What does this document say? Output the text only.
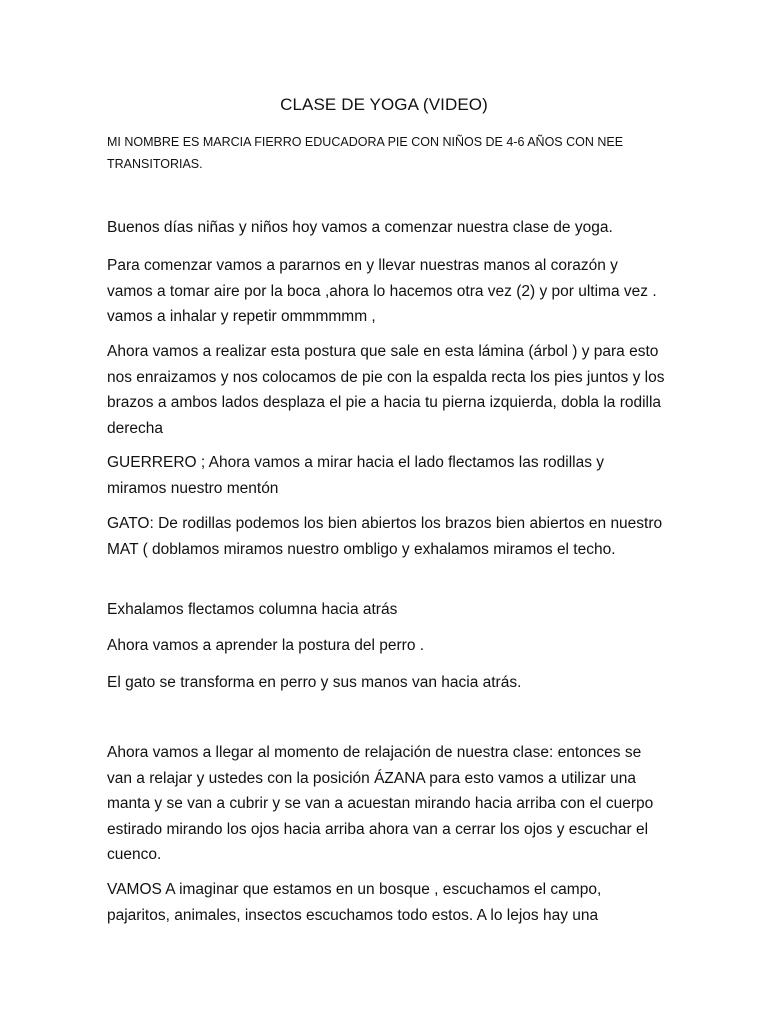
CLASE DE YOGA (VIDEO)
MI NOMBRE ES MARCIA FIERRO EDUCADORA PIE CON NIÑOS DE 4-6 AÑOS CON NEE TRANSITORIAS.

Buenos días niñas y niños hoy vamos a comenzar nuestra clase de yoga.

Para comenzar vamos a pararnos en y llevar nuestras manos al corazón y vamos a tomar aire por la boca ,ahora lo hacemos otra vez (2) y por ultima vez . vamos a inhalar y repetir ommmmmm ,

Ahora vamos a realizar esta postura que sale en esta lámina (árbol ) y para esto nos enraizamos y nos colocamos de pie con la espalda recta los pies juntos y los brazos a ambos lados desplaza el pie a hacia tu pierna izquierda, dobla la rodilla derecha

GUERRERO ; Ahora vamos a mirar hacia el lado flectamos las rodillas y miramos nuestro mentón

GATO: De rodillas podemos los bien abiertos los brazos bien abiertos en nuestro MAT ( doblamos miramos nuestro ombligo y exhalamos miramos el techo.

Exhalamos flectamos columna hacia atrás

Ahora vamos a aprender la postura del perro .

El gato se transforma en perro y sus manos van hacia atrás.

Ahora vamos a llegar al momento de relajación de nuestra clase: entonces se van a relajar y ustedes con la posición ÁZANA para esto vamos a utilizar una manta y se van a cubrir y se van a acuestan mirando hacia arriba con el cuerpo estirado mirando los ojos hacia arriba ahora van a cerrar los ojos y escuchar el cuenco.

VAMOS A imaginar que estamos en un bosque , escuchamos el campo, pajaritos, animales, insectos escuchamos todo estos. A lo lejos hay una
